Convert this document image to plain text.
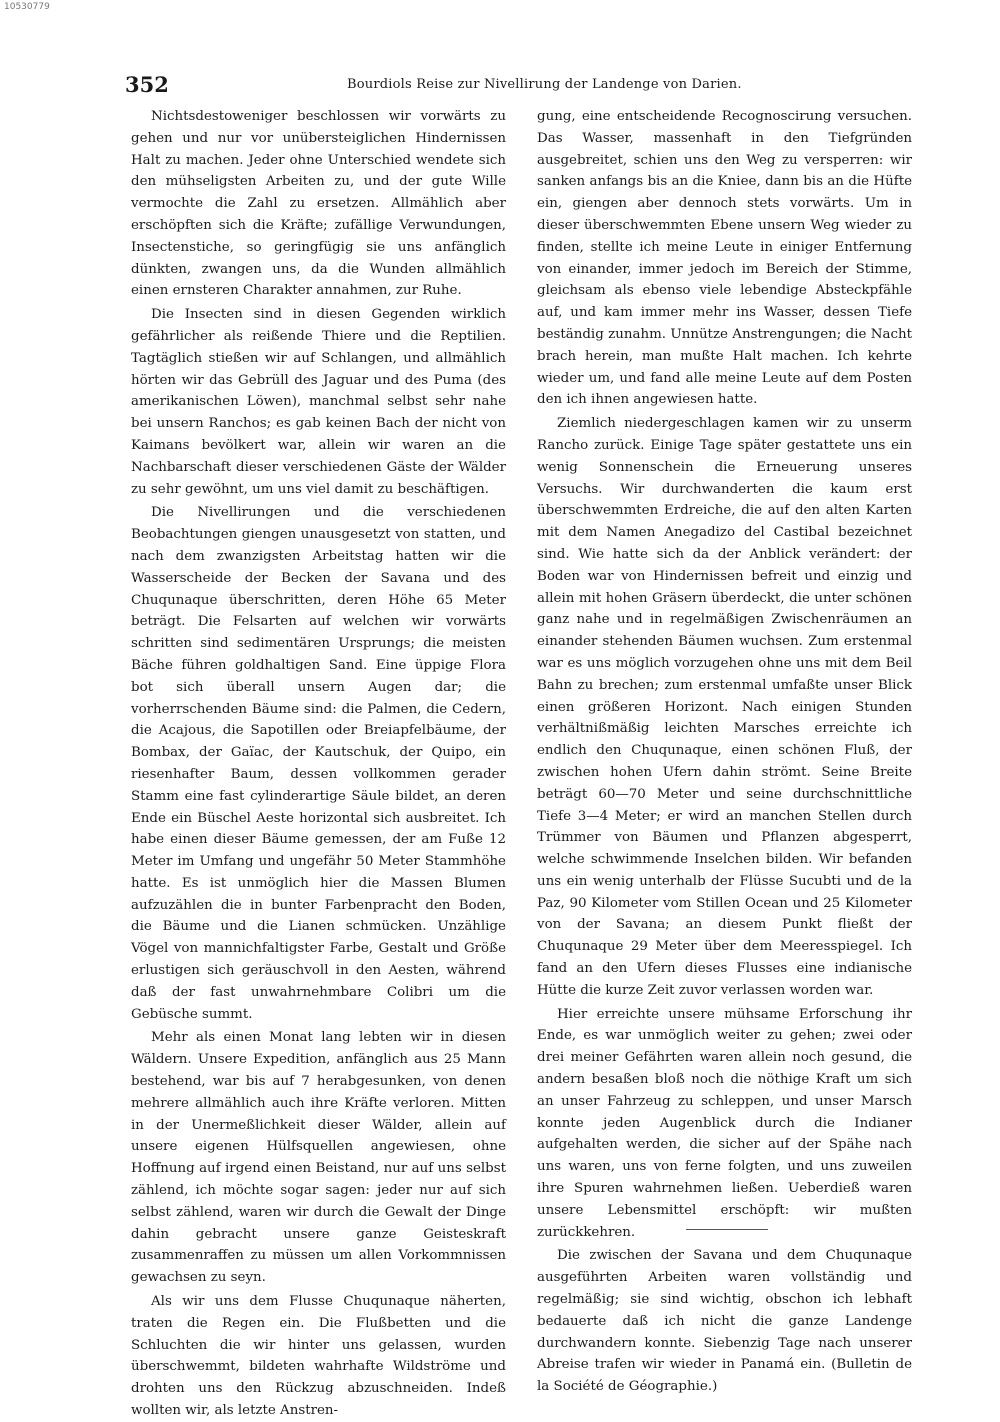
10530779
352	Bourdiols Reise zur Nivellirung der Landenge von Darien.

Nichtsdestoweniger beschlossen wir vorwärts zu gehen und nur vor unübersteiglichen Hindernissen Halt zu machen. Jeder ohne Unterschied wendete sich den mühseligsten Arbeiten zu, und der gute Wille vermochte die Zahl zu ersetzen. Allmählich aber erschöpften sich die Kräfte; zufällige Verwundungen, Insectenstiche, so geringfügig sie uns anfänglich dünkten, zwangen uns, da die Wunden allmählich einen ernsteren Charakter annahmen, zur Ruhe.

Die Insecten sind in diesen Gegenden wirklich gefährlicher als reißende Thiere und die Reptilien. Tagtäglich stießen wir auf Schlangen, und allmählich hörten wir das Gebrüll des Jaguar und des Puma (des amerikanischen Löwen), manchmal selbst sehr nahe bei unsern Ranchos; es gab keinen Bach der nicht von Kaimans bevölkert war, allein wir waren an die Nachbarschaft dieser verschiedenen Gäste der Wälder zu sehr gewöhnt, um uns viel damit zu beschäftigen.

Die Nivellirungen und die verschiedenen Beobachtungen giengen unausgesetzt von statten, und nach dem zwanzigsten Arbeitstag hatten wir die Wasserscheide der Becken der Savana und des Chuqunaque überschritten, deren Höhe 65 Meter beträgt. Die Felsarten auf welchen wir vorwärts schritten sind sedimentären Ursprungs; die meisten Bäche führen goldhaltigen Sand. Eine üppige Flora bot sich überall unsern Augen dar; die vorherrschenden Bäume sind: die Palmen, die Cedern, die Acajous, die Sapotillen oder Breiapfelbäume, der Bombax, der Gaïac, der Kautschuk, der Quipo, ein riesenhafter Baum, dessen vollkommen gerader Stamm eine fast cylinderartige Säule bildet, an deren Ende ein Büschel Aeste horizontal sich ausbreitet. Ich habe einen dieser Bäume gemessen, der am Fuße 12 Meter im Umfang und ungefähr 50 Meter Stammhöhe hatte. Es ist unmöglich hier die Massen Blumen aufzuzählen die in bunter Farbenpracht den Boden, die Bäume und die Lianen schmücken. Unzählige Vögel von mannichfaltigster Farbe, Gestalt und Größe erlustigen sich geräuschvoll in den Aesten, während daß der fast unwahrnehmbare Colibri um die Gebüsche summt.

Mehr als einen Monat lang lebten wir in diesen Wäldern. Unsere Expedition, anfänglich aus 25 Mann bestehend, war bis auf 7 herabgesunken, von denen mehrere allmählich auch ihre Kräfte verloren. Mitten in der Unermeßlichkeit dieser Wälder, allein auf unsere eigenen Hülfsquellen angewiesen, ohne Hoffnung auf irgend einen Beistand, nur auf uns selbst zählend, ich möchte sogar sagen: jeder nur auf sich selbst zählend, waren wir durch die Gewalt der Dinge dahin gebracht unsere ganze Geisteskraft zusammenraffen zu müssen um allen Vorkommnissen gewachsen zu seyn.

Als wir uns dem Flusse Chuqunaque näherten, traten die Regen ein. Die Flußbetten und die Schluchten die wir hinter uns gelassen, wurden überschwemmt, bildeten wahrhafte Wildströme und drohten uns den Rückzug abzuschneiden. Indeß wollten wir, als letzte Anstren-

gung, eine entscheidende Recognoscirung versuchen. Das Wasser, massenhaft in den Tiefgründen ausgebreitet, schien uns den Weg zu versperren: wir sanken anfangs bis an die Kniee, dann bis an die Hüfte ein, giengen aber dennoch stets vorwärts. Um in dieser überschwemmten Ebene unsern Weg wieder zu finden, stellte ich meine Leute in einiger Entfernung von einander, immer jedoch im Bereich der Stimme, gleichsam als ebenso viele lebendige Absteckpfähle auf, und kam immer mehr ins Wasser, dessen Tiefe beständig zunahm. Unnütze Anstrengungen; die Nacht brach herein, man mußte Halt machen. Ich kehrte wieder um, und fand alle meine Leute auf dem Posten den ich ihnen angewiesen hatte.

Ziemlich niedergeschlagen kamen wir zu unserm Rancho zurück. Einige Tage später gestattete uns ein wenig Sonnenschein die Erneuerung unseres Versuchs. Wir durchwanderten die kaum erst überschwemmten Erdreiche, die auf den alten Karten mit dem Namen Anegadizo del Castibal bezeichnet sind. Wie hatte sich da der Anblick verändert: der Boden war von Hindernissen befreit und einzig und allein mit hohen Gräsern überdeckt, die unter schönen ganz nahe und in regelmäßigen Zwischenräumen an einander stehenden Bäumen wuchsen. Zum erstenmal war es uns möglich vorzugehen ohne uns mit dem Beil Bahn zu brechen; zum erstenmal umfaßte unser Blick einen größeren Horizont. Nach einigen Stunden verhältnißmäßig leichten Marsches erreichte ich endlich den Chuqunaque, einen schönen Fluß, der zwischen hohen Ufern dahin strömt. Seine Breite beträgt 60—70 Meter und seine durchschnittliche Tiefe 3—4 Meter; er wird an manchen Stellen durch Trümmer von Bäumen und Pflanzen abgesperrt, welche schwimmende Inselchen bilden. Wir befanden uns ein wenig unterhalb der Flüsse Sucubti und de la Paz, 90 Kilometer vom Stillen Ocean und 25 Kilometer von der Savana; an diesem Punkt fließt der Chuqunaque 29 Meter über dem Meeresspiegel. Ich fand an den Ufern dieses Flusses eine indianische Hütte die kurze Zeit zuvor verlassen worden war.

Hier erreichte unsere mühsame Erforschung ihr Ende, es war unmöglich weiter zu gehen; zwei oder drei meiner Gefährten waren allein noch gesund, die andern besaßen bloß noch die nöthige Kraft um sich an unser Fahrzeug zu schleppen, und unser Marsch konnte jeden Augenblick durch die Indianer aufgehalten werden, die sicher auf der Spähe nach uns waren, uns von ferne folgten, und uns zuweilen ihre Spuren wahrnehmen ließen. Ueberdieß waren unsere Lebensmittel erschöpft: wir mußten zurückkehren.

Die zwischen der Savana und dem Chuqunaque ausgeführten Arbeiten waren vollständig und regelmäßig; sie sind wichtig, obschon ich lebhaft bedauerte daß ich nicht die ganze Landenge durchwandern konnte. Siebenzig Tage nach unserer Abreise trafen wir wieder in Panamá ein. (Bulletin de la Société de Géographie.)
